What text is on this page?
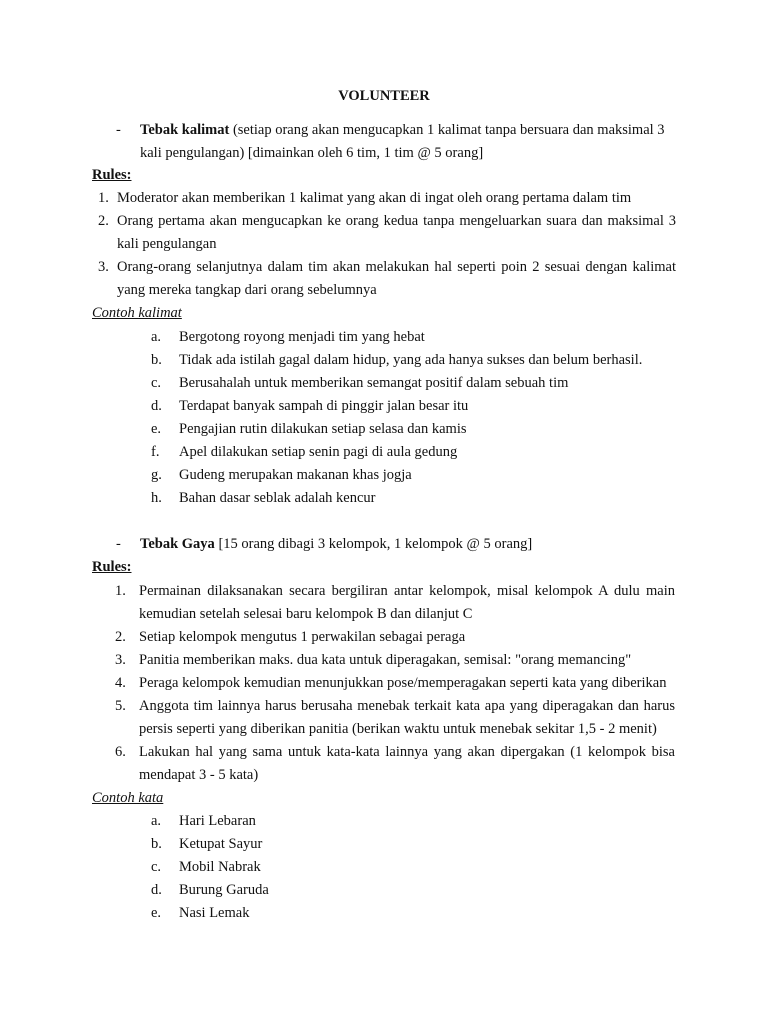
VOLUNTEER
- Tebak kalimat (setiap orang akan mengucapkan 1 kalimat tanpa bersuara dan maksimal 3 kali pengulangan) [dimainkan oleh 6 tim, 1 tim @ 5 orang]
Rules:
1. Moderator akan memberikan 1 kalimat yang akan di ingat oleh orang pertama dalam tim
2. Orang pertama akan mengucapkan ke orang kedua tanpa mengeluarkan suara dan maksimal 3 kali pengulangan
3. Orang-orang selanjutnya dalam tim akan melakukan hal seperti poin 2 sesuai dengan kalimat yang mereka tangkap dari orang sebelumnya
Contoh kalimat
a. Bergotong royong menjadi tim yang hebat
b. Tidak ada istilah gagal dalam hidup, yang ada hanya sukses dan belum berhasil.
c. Berusahalah untuk memberikan semangat positif dalam sebuah tim
d. Terdapat banyak sampah di pinggir jalan besar itu
e. Pengajian rutin dilakukan setiap selasa dan kamis
f. Apel dilakukan setiap senin pagi di aula gedung
g. Gudeng merupakan makanan khas jogja
h. Bahan dasar seblak adalah kencur
- Tebak Gaya [15 orang dibagi 3 kelompok, 1 kelompok @ 5 orang]
Rules:
1. Permainan dilaksanakan secara bergiliran antar kelompok, misal kelompok A dulu main kemudian setelah selesai baru kelompok B dan dilanjut C
2. Setiap kelompok mengutus 1 perwakilan sebagai peraga
3. Panitia memberikan maks. dua kata untuk diperagakan, semisal: "orang memancing"
4. Peraga kelompok kemudian menunjukkan pose/memperagakan seperti kata yang diberikan
5. Anggota tim lainnya harus berusaha menebak terkait kata apa yang diperagakan dan harus persis seperti yang diberikan panitia (berikan waktu untuk menebak sekitar 1,5 - 2 menit)
6. Lakukan hal yang sama untuk kata-kata lainnya yang akan dipergakan (1 kelompok bisa mendapat 3 - 5 kata)
Contoh kata
a. Hari Lebaran
b. Ketupat Sayur
c. Mobil Nabrak
d. Burung Garuda
e. Nasi Lemak
